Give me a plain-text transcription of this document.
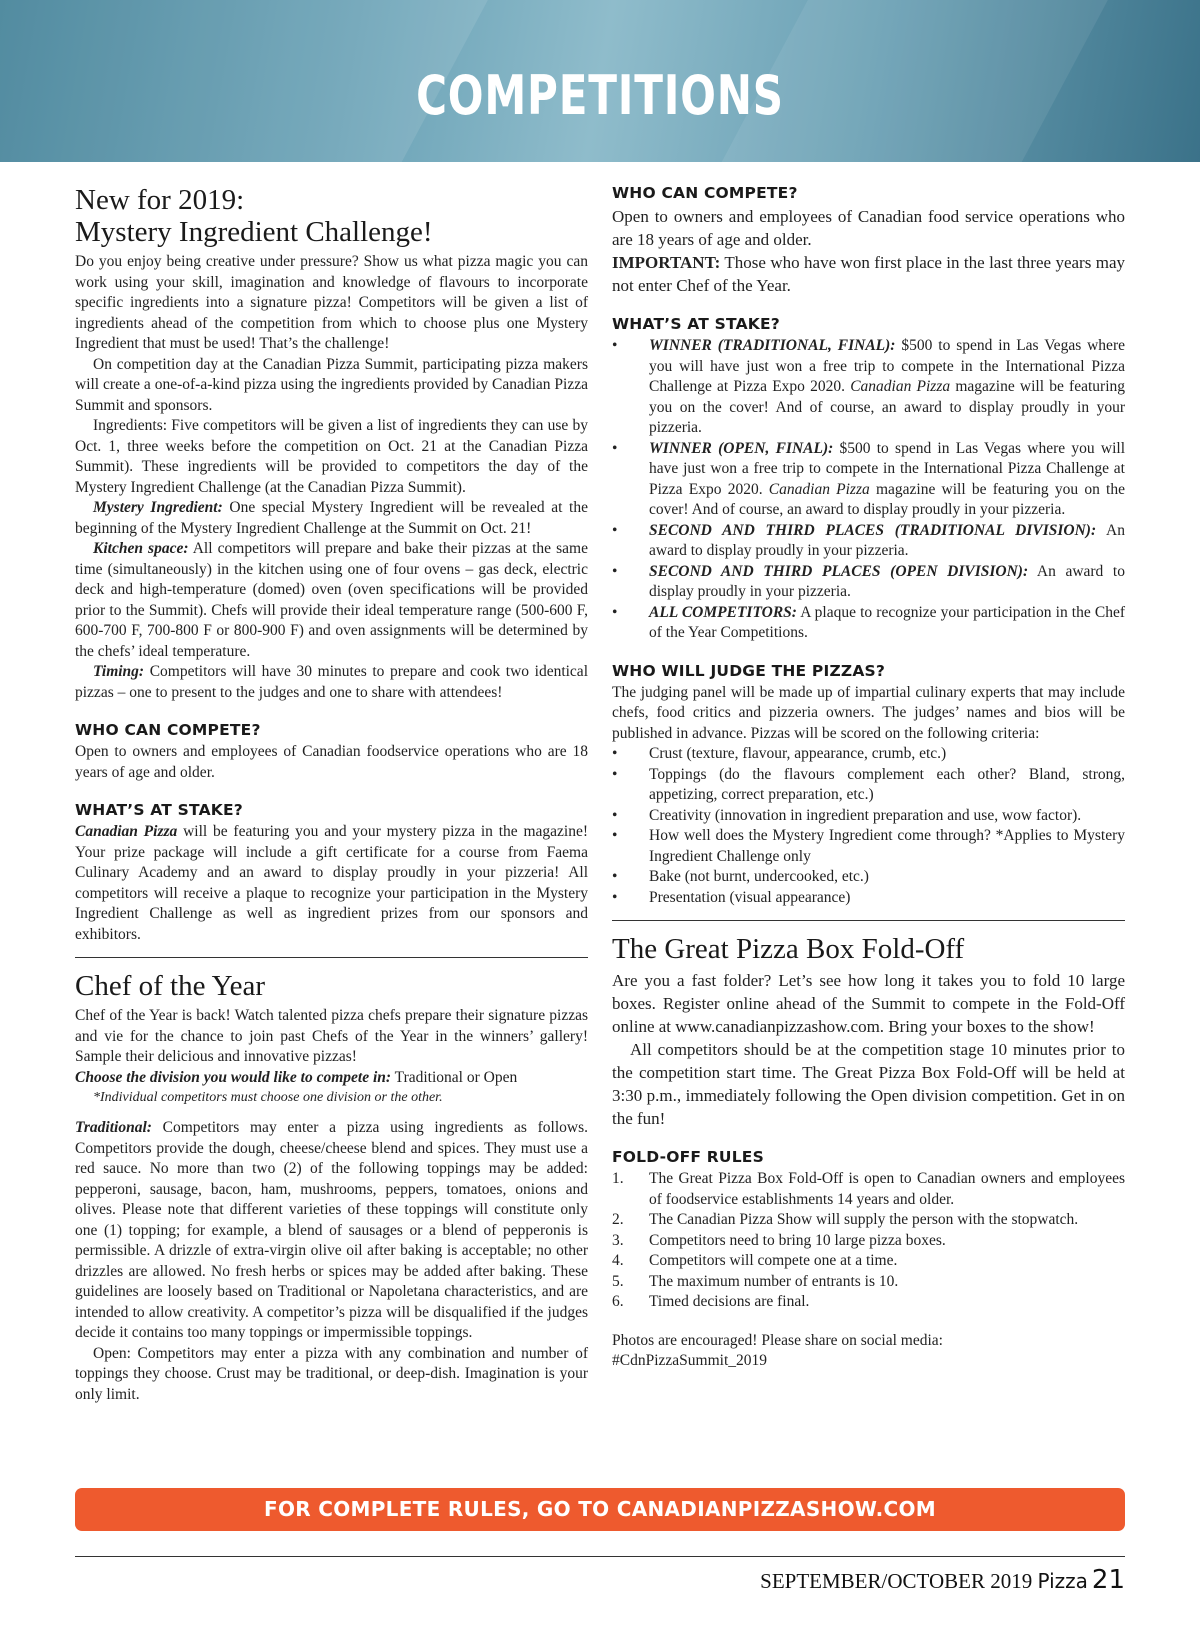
COMPETITIONS
New for 2019:
Mystery Ingredient Challenge!

Do you enjoy being creative under pressure? Show us what pizza magic you can work using your skill, imagination and knowledge of flavours to incorporate specific ingredients into a signature pizza! Competitors will be given a list of ingredients ahead of the competition from which to choose plus one Mystery Ingredient that must be used! That’s the challenge!

On competition day at the Canadian Pizza Summit, participating pizza makers will create a one-of-a-kind pizza using the ingredients provided by Canadian Pizza Summit and sponsors.

Ingredients: Five competitors will be given a list of ingredients they can use by Oct. 1, three weeks before the competition on Oct. 21 at the Canadian Pizza Summit). These ingredients will be provided to competitors the day of the Mystery Ingredient Challenge (at the Canadian Pizza Summit).

Mystery Ingredient: One special Mystery Ingredient will be revealed at the beginning of the Mystery Ingredient Challenge at the Summit on Oct. 21!

Kitchen space: All competitors will prepare and bake their pizzas at the same time (simultaneously) in the kitchen using one of four ovens – gas deck, electric deck and high-temperature (domed) oven (oven specifications will be provided prior to the Summit). Chefs will provide their ideal temperature range (500-600 F, 600-700 F, 700-800 F or 800-900 F) and oven assignments will be determined by the chefs’ ideal temperature.

Timing: Competitors will have 30 minutes to prepare and cook two identical pizzas – one to present to the judges and one to share with attendees!

WHO CAN COMPETE?

Open to owners and employees of Canadian foodservice operations who are 18 years of age and older.

WHAT’S AT STAKE?

Canadian Pizza will be featuring you and your mystery pizza in the magazine! Your prize package will include a gift certificate for a course from Faema Culinary Academy and an award to display proudly in your pizzeria! All competitors will receive a plaque to recognize your participation in the Mystery Ingredient Challenge as well as ingredient prizes from our sponsors and exhibitors.

Chef of the Year

Chef of the Year is back! Watch talented pizza chefs prepare their signature pizzas and vie for the chance to join past Chefs of the Year in the winners’ gallery! Sample their delicious and innovative pizzas!

Choose the division you would like to compete in: Traditional or Open

*Individual competitors must choose one division or the other.

Traditional: Competitors may enter a pizza using ingredients as follows. Competitors provide the dough, cheese/cheese blend and spices. They must use a red sauce. No more than two (2) of the following toppings may be added: pepperoni, sausage, bacon, ham, mushrooms, peppers, tomatoes, onions and olives. Please note that different varieties of these toppings will constitute only one (1) topping; for example, a blend of sausages or a blend of pepperonis is permissible. A drizzle of extra-virgin olive oil after baking is acceptable; no other drizzles are allowed. No fresh herbs or spices may be added after baking. These guidelines are loosely based on Traditional or Napoletana characteristics, and are intended to allow creativity. A competitor’s pizza will be disqualified if the judges decide it contains too many toppings or impermissible toppings.

Open: Competitors may enter a pizza with any combination and number of toppings they choose. Crust may be traditional, or deep-dish. Imagination is your only limit.

WHO CAN COMPETE?

Open to owners and employees of Canadian food service operations who are 18 years of age and older.

IMPORTANT: Those who have won first place in the last three years may not enter Chef of the Year.

WHAT’S AT STAKE?
• WINNER (TRADITIONAL, FINAL): $500 to spend in Las Vegas where you will have just won a free trip to compete in the International Pizza Challenge at Pizza Expo 2020. Canadian Pizza magazine will be featuring you on the cover! And of course, an award to display proudly in your pizzeria.
• WINNER (OPEN, FINAL): $500 to spend in Las Vegas where you will have just won a free trip to compete in the International Pizza Challenge at Pizza Expo 2020. Canadian Pizza magazine will be featuring you on the cover! And of course, an award to display proudly in your pizzeria.
• SECOND AND THIRD PLACES (TRADITIONAL DIVISION): An award to display proudly in your pizzeria.
• SECOND AND THIRD PLACES (OPEN DIVISION): An award to display proudly in your pizzeria.
• ALL COMPETITORS: A plaque to recognize your participation in the Chef of the Year Competitions.
WHO WILL JUDGE THE PIZZAS?

The judging panel will be made up of impartial culinary experts that may include chefs, food critics and pizzeria owners. The judges’ names and bios will be published in advance. Pizzas will be scored on the following criteria:

• Crust (texture, flavour, appearance, crumb, etc.)
• Toppings (do the flavours complement each other? Bland, strong, appetizing, correct preparation, etc.)
• Creativity (innovation in ingredient preparation and use, wow factor).
• How well does the Mystery Ingredient come through? *Applies to Mystery Ingredient Challenge only
• Bake (not burnt, undercooked, etc.)
• Presentation (visual appearance)
The Great Pizza Box Fold-Off

Are you a fast folder? Let’s see how long it takes you to fold 10 large boxes. Register online ahead of the Summit to compete in the Fold-Off online at www.canadianpizzashow.com. Bring your boxes to the show!

All competitors should be at the competition stage 10 minutes prior to the competition start time. The Great Pizza Box Fold-Off will be held at 3:30 p.m., immediately following the Open division competition. Get in on the fun!

FOLD-OFF RULES
1. The Great Pizza Box Fold-Off is open to Canadian owners and employees of foodservice establishments 14 years and older.
2. The Canadian Pizza Show will supply the person with the stopwatch.
3. Competitors need to bring 10 large pizza boxes.
4. Competitors will compete one at a time.
5. The maximum number of entrants is 10.
6. Timed decisions are final.

Photos are encouraged! Please share on social media:
#CdnPizzaSummit_2019

FOR COMPLETE RULES, GO TO CANADIANPIZZASHOW.COM
SEPTEMBER/OCTOBER 2019 Pizza 21
